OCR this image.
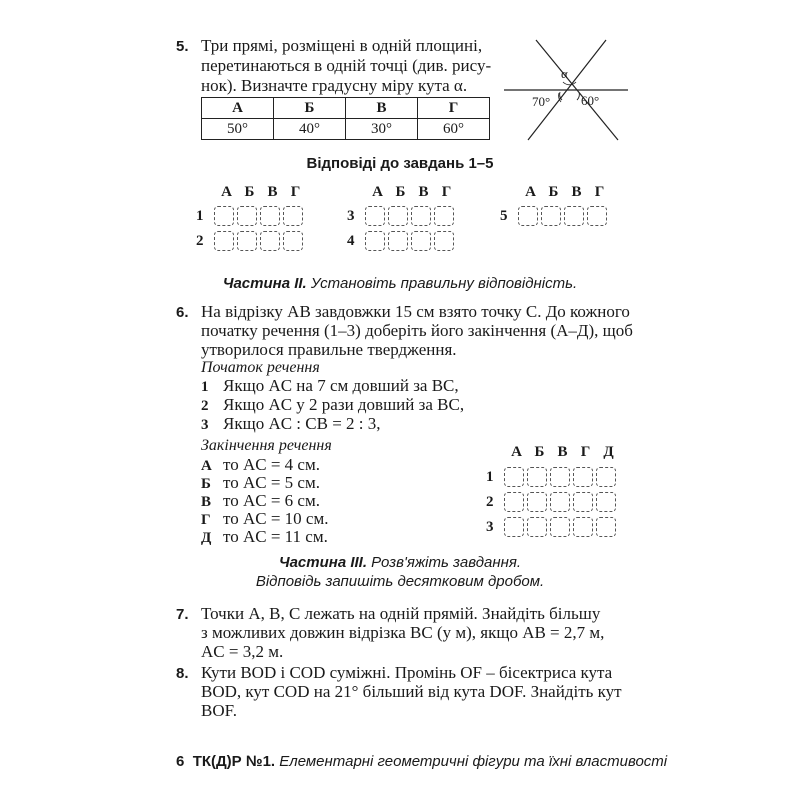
5. Три прямі, розміщені в одній площині,
перетинаються в одній точці (див. рису-
нок). Визначте градусну міру кута α.
А	Б	В	Г
50°	40°	30°	60°
α
70° 60°
Відповіді до завдань 1–5
А Б В Г
1
2
А Б В Г
3
4
А Б В Г
5
Частина ІІ. Установіть правильну відповідність.
6. На відрізку AB завдовжки 15 см взято точку C. До кожного
початку речення (1–3) доберіть його закінчення (А–Д), щоб
утворилося правильне твердження.
Початок речення
1 Якщо AC на 7 см довший за BC,
2 Якщо AC у 2 рази довший за BC,
3 Якщо AC : CB = 2 : 3,
Закінчення речення
А то AC = 4 см.
Б то AC = 5 см.
В то AC = 6 см.
Г то AC = 10 см.
Д то AC = 11 см.
А Б В Г Д
1
2
3
Частина ІІІ. Розв'яжіть завдання.
Відповідь запишіть десятковим дробом.
7. Точки A, B, C лежать на одній прямій. Знайдіть більшу
з можливих довжин відрізка BC (у м), якщо AB = 2,7 м,
AC = 3,2 м.
8. Кути BOD і COD суміжні. Промінь OF – бісектриса кута
BOD, кут COD на 21° більший від кута DOF. Знайдіть кут
BOF.
6 ТК(Д)Р №1. Елементарні геометричні фігури та їхні властивості
